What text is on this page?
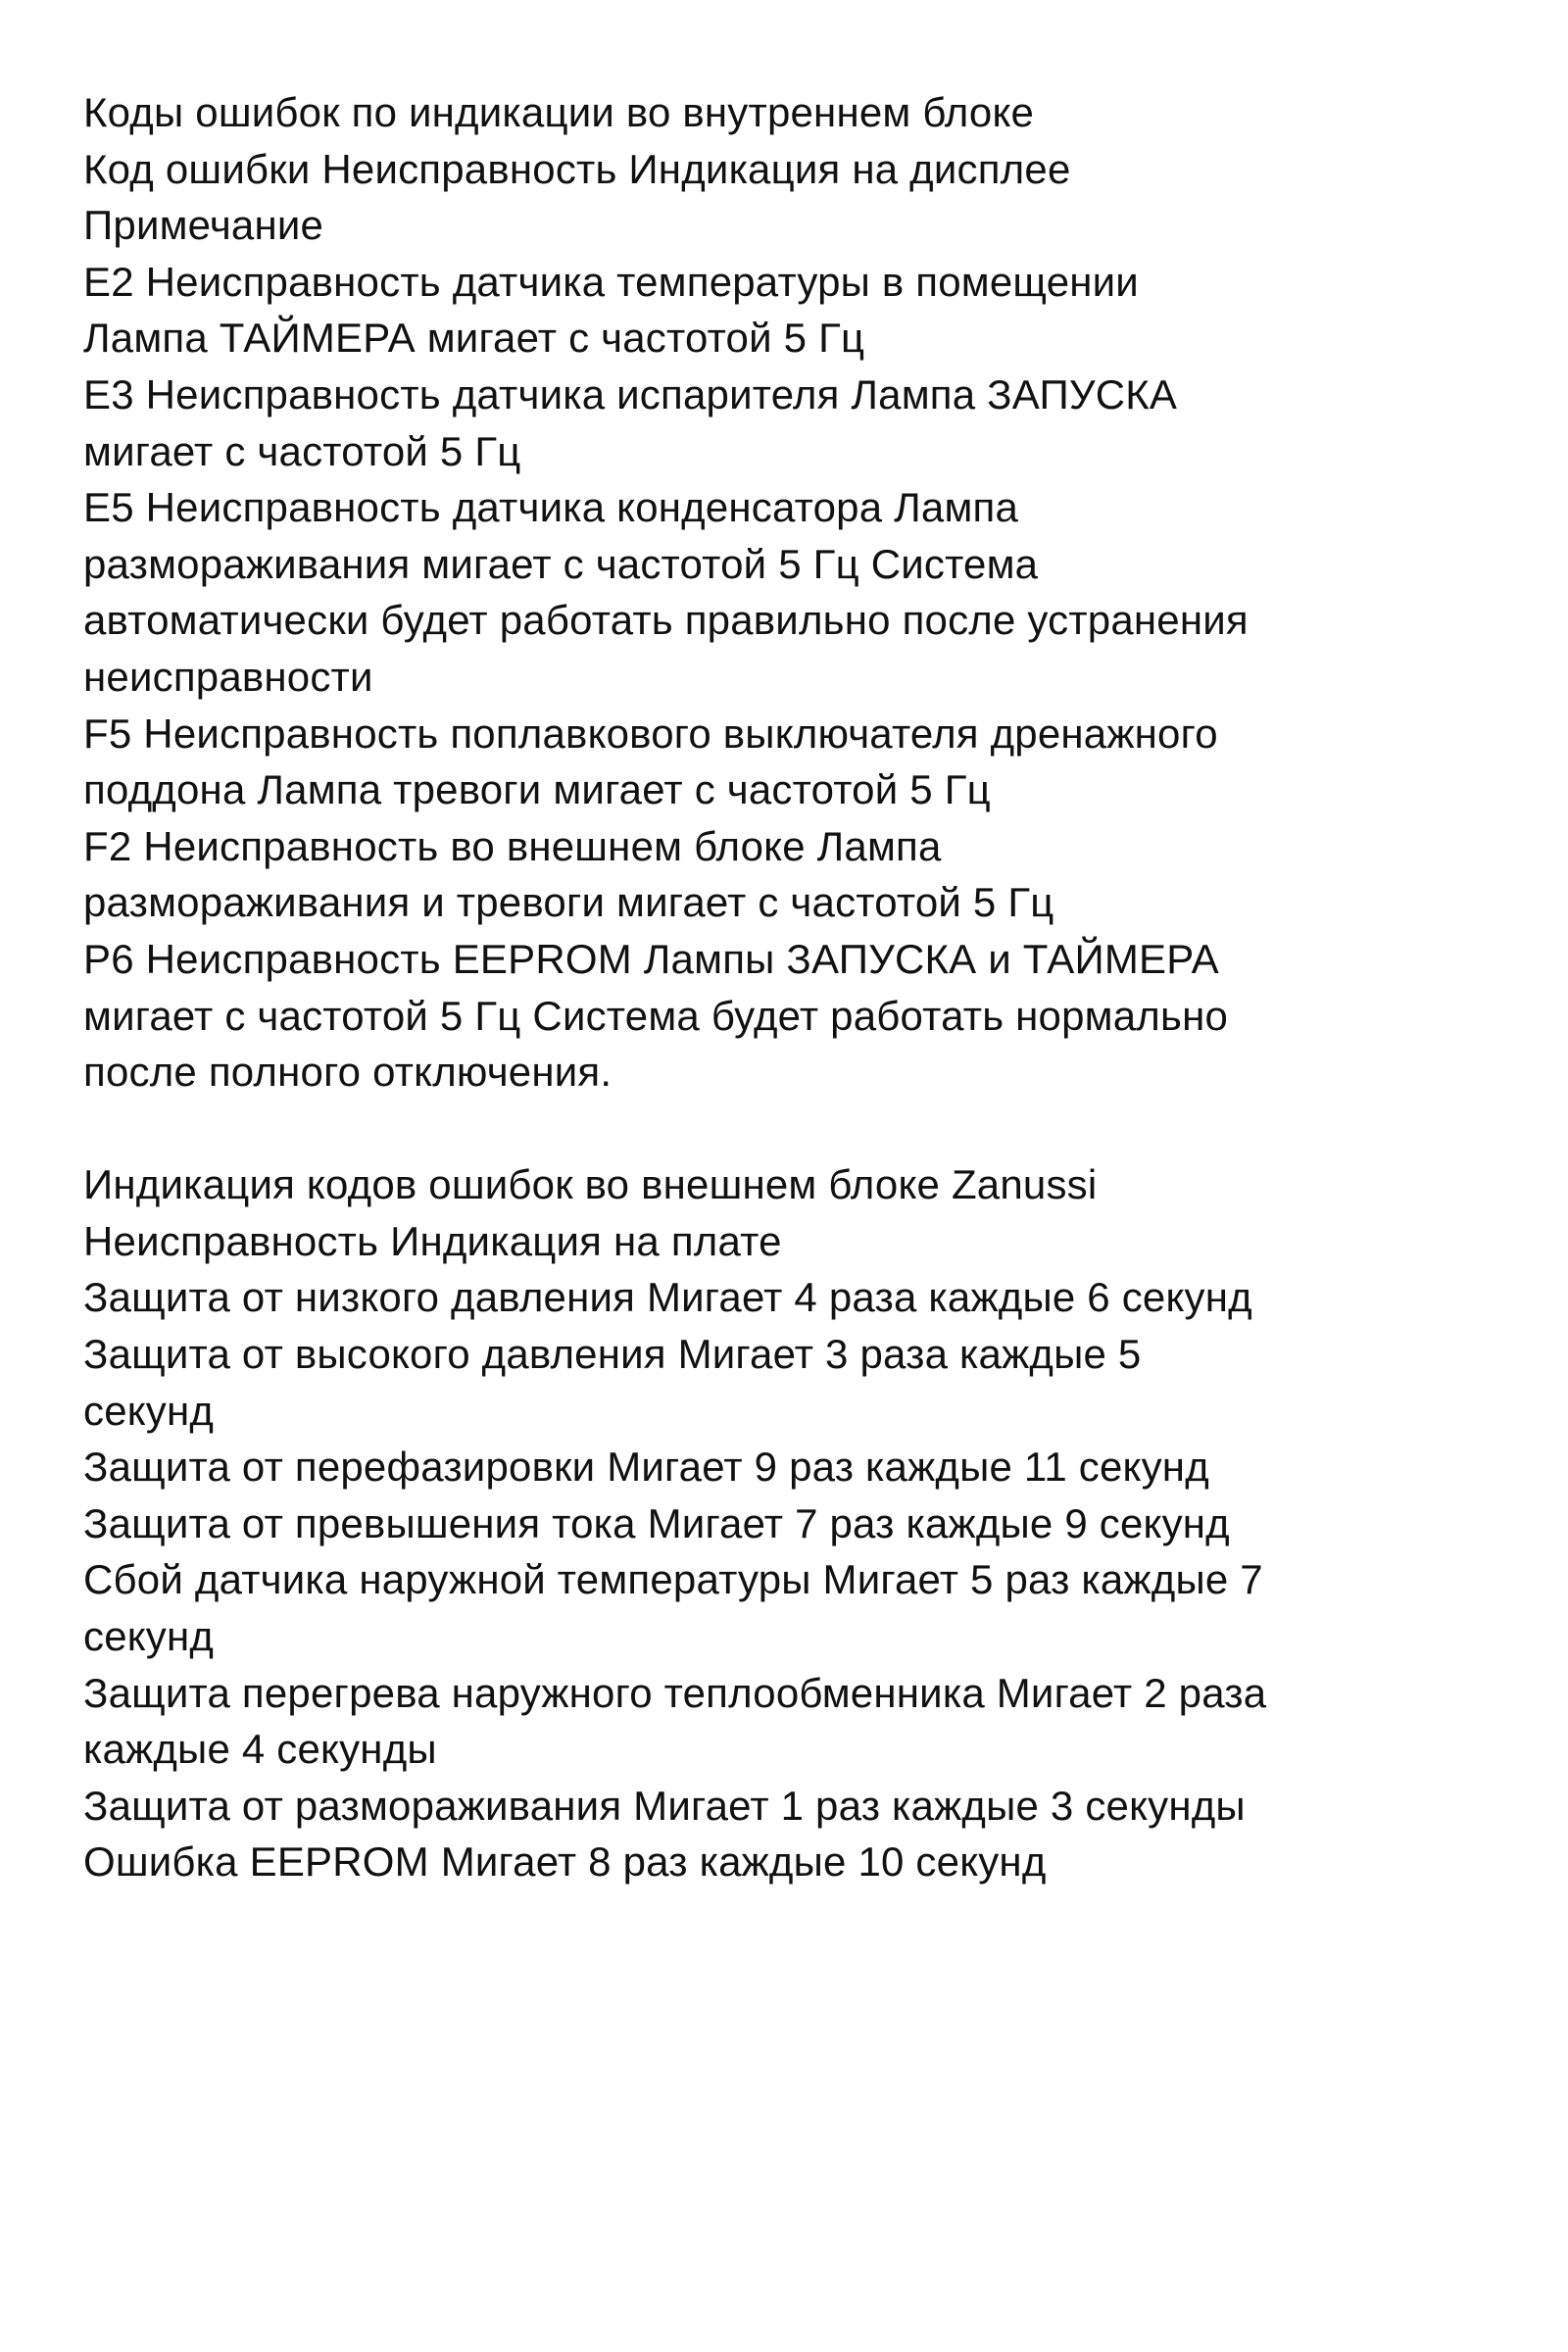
Коды ошибок по индикации во внутреннем блоке
Код ошибки Неисправность Индикация на дисплее
Примечание
E2 Неисправность датчика температуры в помещении
Лампа ТАЙМЕРА мигает с частотой 5 Гц
E3 Неисправность датчика испарителя Лампа ЗАПУСКА
мигает с частотой 5 Гц
E5 Неисправность датчика конденсатора Лампа
размораживания мигает с частотой 5 Гц Система
автоматически будет работать правильно после устранения
неисправности
F5 Неисправность поплавкового выключателя дренажного
поддона Лампа тревоги мигает с частотой 5 Гц
F2 Неисправность во внешнем блоке Лампа
размораживания и тревоги мигает с частотой 5 Гц
P6 Неисправность EEPROM Лампы ЗАПУСКА и ТАЙМЕРА
мигает с частотой 5 Гц Система будет работать нормально
после полного отключения.
Индикация кодов ошибок во внешнем блоке Zanussi
Неисправность Индикация на плате
Защита от низкого давления Мигает 4 раза каждые 6 секунд
Защита от высокого давления Мигает 3 раза каждые 5
секунд
Защита от перефазировки Мигает 9 раз каждые 11 секунд
Защита от превышения тока Мигает 7 раз каждые 9 секунд
Сбой датчика наружной температуры Мигает 5 раз каждые 7
секунд
Защита перегрева наружного теплообменника Мигает 2 раза
каждые 4 секунды
Защита от размораживания Мигает 1 раз каждые 3 секунды
Ошибка EEPROM Мигает 8 раз каждые 10 секунд
